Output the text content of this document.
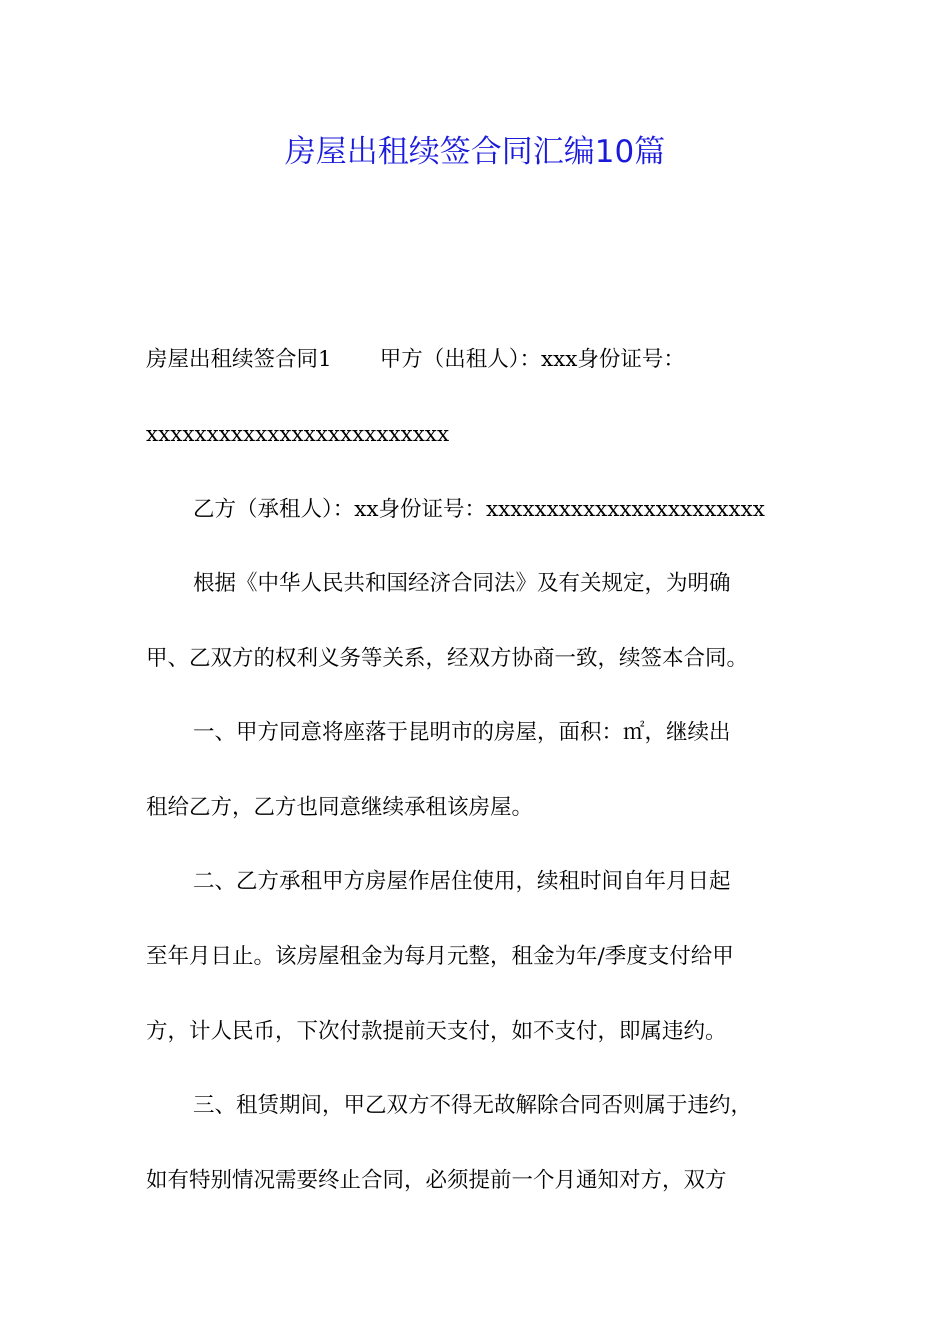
房屋出租续签合同汇编10篇
房屋出租续签合同1 甲方（出租人）：xxx身份证号：
xxxxxxxxxxxxxxxxxxxxxxxxx
乙方（承租人）：xx身份证号：xxxxxxxxxxxxxxxxxxxxxxx
根据《中华人民共和国经济合同法》及有关规定，为明确
甲、乙双方的权利义务等关系，经双方协商一致，续签本合同。
一、甲方同意将座落于昆明市的房屋，面积：㎡，继续出
租给乙方，乙方也同意继续承租该房屋。
二、乙方承租甲方房屋作居住使用，续租时间自年月日起
至年月日止。该房屋租金为每月元整，租金为年/季度支付给甲
方，计人民币，下次付款提前天支付，如不支付，即属违约。
三、租赁期间，甲乙双方不得无故解除合同否则属于违约，
如有特别情况需要终止合同，必须提前一个月通知对方，双方
